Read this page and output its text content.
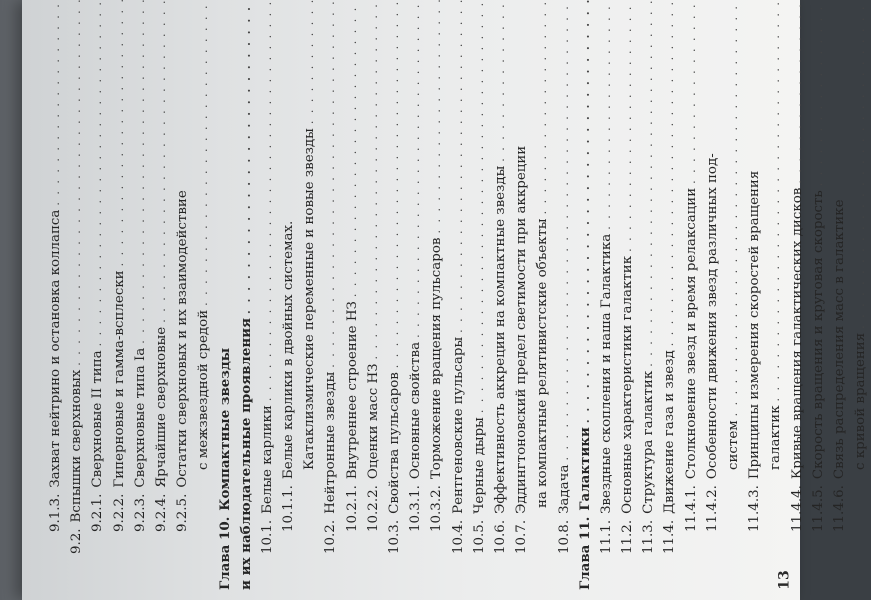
9.1.3.
Захват нейтрино и остановка коллапса
. . .
9.2.
Вспышки сверхновых
. . . 9.2.1.
Сверхновые II типа
. . .
9.2.2.
Гиперновые и гамма-всплески
. . .
9.2.3.
Сверхновые типа Ia
. . .
9.2.4.
Ярчайшие сверхновые
. . .
9.2.5.
Остатки сверхновых и их взаимодействие с межзвездной средой
. . .
Глава 10.
Компактные звезды и их наблюдательные проявления
. . . 10.1.
Белые карлики
. . . 10.1.1.
Белые карлики в двойных системах. Катаклизмические переменные и новые звезды
. . .
10.2.
Нейтронные звезды
. . . 10.2.1.
Внутреннее строение НЗ
. . .
10.2.2.
Оценки масс НЗ
. . .
10.3.
Свойства пульсаров
. . . 10.3.1.
Основные свойства
. . .
10.3.2.
Торможение вращения пульсаров
. . .
10.4.
Рентгеновские пульсары
. . .
10.5.
Черные дыры
. . .
10.6.
Эффективность аккреции на компактные звезды
. . .
10.7.
Эддингтоновский предел светимости при аккреции на компактные релятивистские объекты
. . .
10.8.
Задача
. . .
Глава 11.
Галактики
. . .
11.1.
Звездные скопления и наша Галактика
. . .
11.2.
Основные характеристики галактик
. . .
11.3.
Структура галактик
. . .
11.4.
Движение газа и звезд
. . . 11.4.1.
Столкновение звезд и время релаксации
. . .
11.4.2.
Особенности движения звезд различных под- систем
. . .
11.4.3.
Принципы измерения скоростей вращения галактик
. . .
11.4.4.
Кривые вращения галактических дисков
. . .
11.4.5.
Скорость вращения и круговая скорость
. . .
11.4.6.
Связь распределения масс в галактике с кривой вращения
. . .
13
